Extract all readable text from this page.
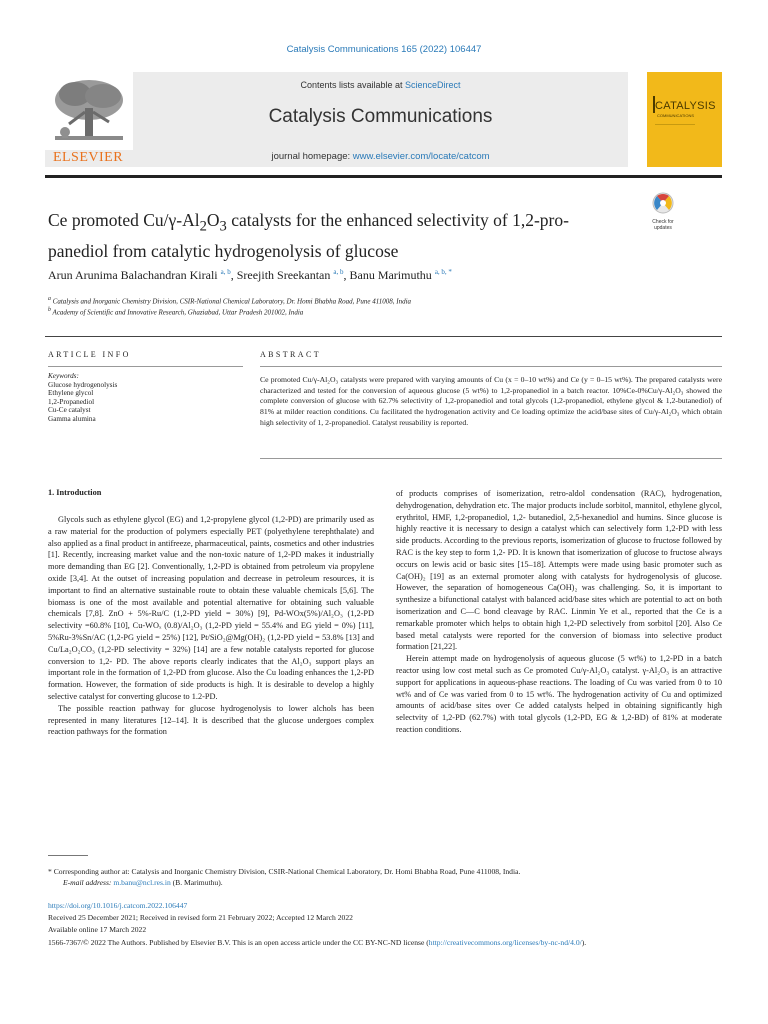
Catalysis Communications 165 (2022) 106447
ELSEVIER
Contents lists available at ScienceDirect
Catalysis Communications
journal homepage: www.elsevier.com/locate/catcom
CATALYSIS
COMMUNICATIONS
Ce promoted $Cu/\gamma-Al_2O_3$ catalysts for the enhanced selectivity of 1,2-pro-
panediol from catalytic hydrogenolysis of glucose
Check for
updates
Arun Arunima Balachandran Kirali $^{a, b}$, Sreejith Sreekantan $^{a, b}$, Banu Marimuthu $^{a, b, *}$
$^a$ Catalysis and Inorganic Chemistry Division, CSIR-National Chemical Laboratory, Dr. Homi Bhabha Road, Pune 411008, India
$^b$ Academy of Scientific and Innovative Research, Ghaziabad, Uttar Pradesh 201002, India
ARTICLE INFO	ABSTRACT
Keywords:
Glucose hydrogenolysis
Ethylene glycol
1,2-Propanediol
Cu-Ce catalyst
Gamma alumina
Ce promoted Cu/γ-Al₂O₃ catalysts were prepared with varying amounts of Cu (x = 0–10 wt%) and Ce (y = 0–15 wt%). The prepared catalysts were characterized and tested for the conversion of aqueous glucose (5 wt%) to 1,2-propanediol in a batch reactor. 10%Ce-0%Cu/γ-Al₂O₃ showed the complete conversion of glucose with 62.7% selectivity of 1,2-propanediol and total glycols (1,2-propanediol, ethylene glycol & 1,2-butanediol) of 81% at milder reaction conditions. Cu facilitated the hydrogenation activity and Ce loading optimize the acid/base sites of Cu/γ-Al₂O₃ which obtain high selectivity of 1, 2-propanediol. Catalyst reusability is reported.
1. Introduction

Glycols such as ethylene glycol (EG) and 1,2-propylene glycol (1,2-PD) are primarily used as a raw material for the production of polymers especially PET (polyethylene terephthalate) and also applied as a final product in antifreeze, pharmaceutical, paints, cosmetics and other industries [1]. Recently, increasing market value and the non-toxic nature of 1,2-PD makes it industrially more demanding than EG [2]. Conventionally, 1,2-PD is obtained from petroleum via propylene oxide [3,4]. At the outset of increasing population and decrease in petroleum resources, it is important to find an alternative sustainable route to obtain these valuable chemicals [5,6]. The biomass is one of the most available and potential alternative for obtaining such valuable chemicals [7,8]. ZnO + 5%-Ru/C (1,2-PD yield = 30%) [9], Pd-WOx(5%)/Al₂O₃ (1,2-PD selectivity =60.8% [10], Cu-WOₓ (0.8)/Al₂O₃ (1,2-PD yield = 55.4% and EG yield = 0%) [11], 5%Ru-3%Sn/AC (1,2-PG yield = 25%) [12], Pt/SiO₂@Mg(OH)₂ (1,2-PD yield = 53.8% [13] and Cu/La₂O₂CO₃ (1,2-PD selectivity = 32%) [14] are a few notable catalysts reported for glucose conversion to 1,2- PD. The above reports clearly indicates that the Al₂O₃ support plays an important role in the formation of 1,2-PD from glucose. Also the Cu loading enhances the 1,2-PD formation. However, the formation of side products is high. It is desirable to develop a highly selective catalyst for converting glucose to 1.2-PD.

The possible reaction pathway for glucose hydrogenolysis to lower alchols has been represented in many literatures [12–14]. It is described that the glucose undergoes complex reaction pathways for the formation

of products comprises of isomerization, retro-aldol condensation (RAC), hydrogenation, dehydrogenation, dehydration etc. The major products include sorbitol, mannitol, ethylene glycol, erythritol, HMF, 1,2-propanediol, 1,2- butanediol, 2,5-hexanediol and humins. Since glucose is highly reactive it is necessary to design a catalyst which can selectively form 1,2-PD with less side products. According to the previous reports, isomerization of glucose to fructose followed by RAC is the key step to form 1,2- PD. It is known that isomerization of glucose to fructose always occurs on lewis acid or basic sites [15–18]. Attempts were made using basic promoter such as Ca(OH)₂ [19] as an external promoter along with catalysts for hydrogenolysis of glucose. However, the separation of homogeneous Ca(OH)₂ was challenging. So, it is important to synthesize a bifunctional catalyst with balanced acid/base sites which are potential to act on both isomerization and C—C bond cleavage by RAC. Linmin Ye et al., reported that the Ce is a remarkable promoter which helps to obtain high 1,2-PD selectively from sorbitol [20]. Also Ce based metal catalysts were reported for the conversion of biomass into selective product formation [21,22].

Herein attempt made on hydrogenolysis of aqueous glucose (5 wt%) to 1,2-PD in a batch reactor using low cost metal such as Ce promoted Cu/γ-Al₂O₃ catalyst. γ-Al₂O₃ is an attractive support for applications in aqueous-phase reactions. The loading of Cu was varied from 0 to 10 wt% and of Ce was varied from 0 to 15 wt%. The hydrogenation activity of Cu and optimized amounts of acid/base sites over Ce added catalysts helped in obtaining significantly high selectvity of 1,2-PD (62.7%) with total glycols (1,2-PD, EG & 1,2-BD) of 81% at moderate reaction conditions.

* Corresponding author at: Catalysis and Inorganic Chemistry Division, CSIR-National Chemical Laboratory, Dr. Homi Bhabha Road, Pune 411008, India.
E-mail address: m.banu@ncl.res.in (B. Marimuthu).
https://doi.org/10.1016/j.catcom.2022.106447
Received 25 December 2021; Received in revised form 21 February 2022; Accepted 12 March 2022
Available online 17 March 2022
1566-7367/© 2022 The Authors. Published by Elsevier B.V. This is an open access article under the CC BY-NC-ND license (http://creativecommons.org/licenses/by-nc-nd/4.0/).
